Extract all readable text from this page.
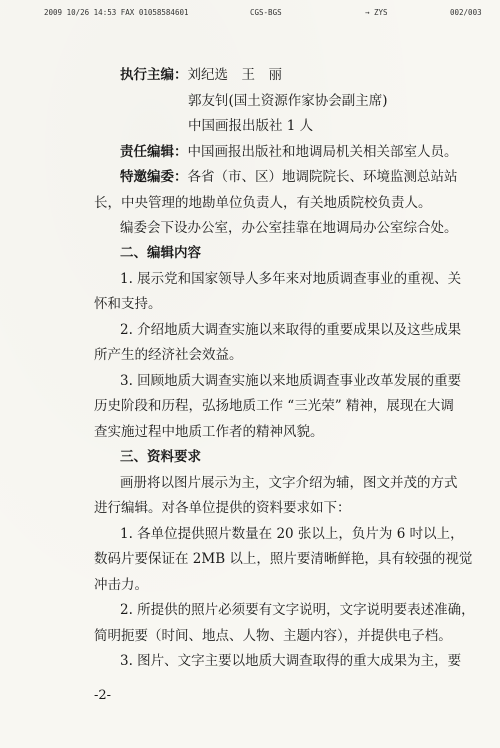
2009 10/26 14:53 FAX 01058584601	CGS-BGS	→ ZYS	002/003
执行主编：刘纪选　王　丽
郭友钊(国土资源作家协会副主席)
中国画报出版社 1 人
责任编辑：中国画报出版社和地调局机关相关部室人员。
特邀编委：各省（市、区）地调院院长、环境监测总站站
长，中央管理的地勘单位负责人，有关地质院校负责人。
编委会下设办公室，办公室挂靠在地调局办公室综合处。
二、编辑内容
1. 展示党和国家领导人多年来对地质调查事业的重视、关
怀和支持。
2. 介绍地质大调查实施以来取得的重要成果以及这些成果
所产生的经济社会效益。
3. 回顾地质大调查实施以来地质调查事业改革发展的重要
历史阶段和历程，弘扬地质工作 “三光荣” 精神，展现在大调
查实施过程中地质工作者的精神风貌。
三、资料要求
画册将以图片展示为主，文字介绍为辅，图文并茂的方式
进行编辑。对各单位提供的资料要求如下：
1. 各单位提供照片数量在 20 张以上，负片为 6 吋以上，
数码片要保证在 2MB 以上，照片要清晰鲜艳，具有较强的视觉
冲击力。
2. 所提供的照片必须要有文字说明，文字说明要表述准确，
简明扼要（时间、地点、人物、主题内容），并提供电子档。
3. 图片、文字主要以地质大调查取得的重大成果为主，要
-2-
